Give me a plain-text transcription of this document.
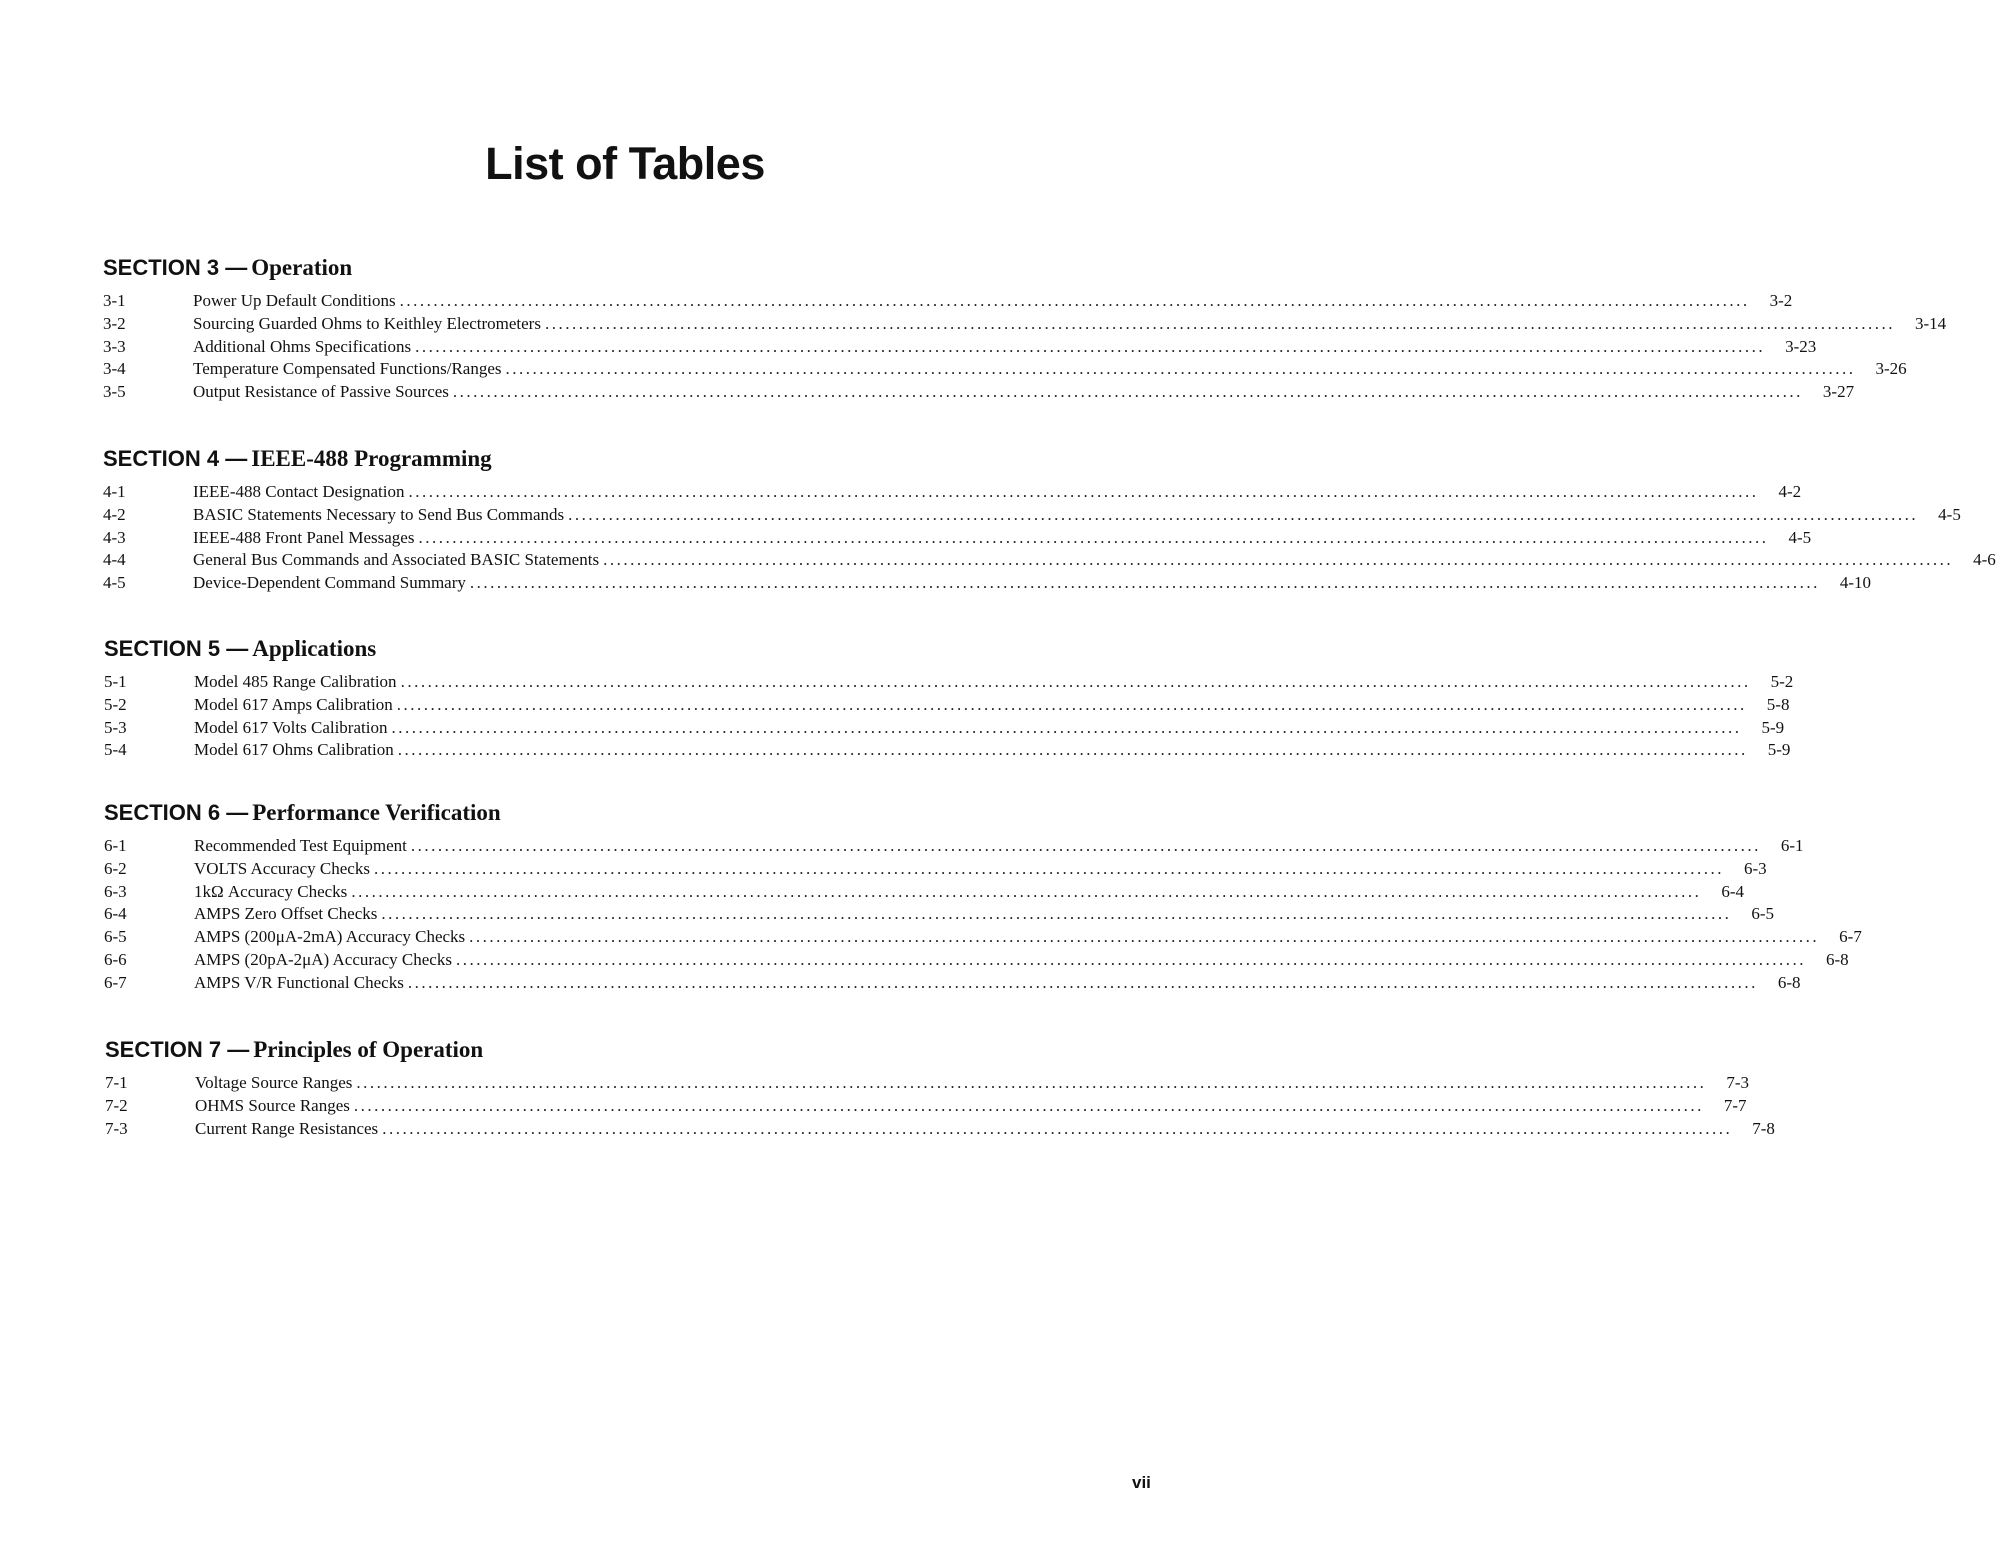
List of Tables
SECTION 3 — Operation
3-1	Power Up Default Conditions ........................................................................................................................................................................................................ 3-2
3-2	Sourcing Guarded Ohms to Keithley Electrometers ........................................................................................................................................................................................................ 3-14
3-3	Additional Ohms Specifications ........................................................................................................................................................................................................ 3-23
3-4	Temperature Compensated Functions/Ranges ........................................................................................................................................................................................................ 3-26
3-5	Output Resistance of Passive Sources ........................................................................................................................................................................................................ 3-27
SECTION 4 — IEEE-488 Programming
4-1	IEEE-488 Contact Designation ........................................................................................................................................................................................................ 4-2
4-2	BASIC Statements Necessary to Send Bus Commands ........................................................................................................................................................................................................ 4-5
4-3	IEEE-488 Front Panel Messages ........................................................................................................................................................................................................ 4-5
4-4	General Bus Commands and Associated BASIC Statements ........................................................................................................................................................................................................ 4-6
4-5	Device-Dependent Command Summary ........................................................................................................................................................................................................ 4-10
SECTION 5 — Applications
5-1	Model 485 Range Calibration ........................................................................................................................................................................................................ 5-2
5-2	Model 617 Amps Calibration ........................................................................................................................................................................................................ 5-8
5-3	Model 617 Volts Calibration ........................................................................................................................................................................................................ 5-9
5-4	Model 617 Ohms Calibration ........................................................................................................................................................................................................ 5-9
SECTION 6 — Performance Verification
6-1	Recommended Test Equipment ........................................................................................................................................................................................................ 6-1
6-2	VOLTS Accuracy Checks ........................................................................................................................................................................................................ 6-3
6-3	1kΩ Accuracy Checks ........................................................................................................................................................................................................ 6-4
6-4	AMPS Zero Offset Checks ........................................................................................................................................................................................................ 6-5
6-5	AMPS (200μA-2mA) Accuracy Checks ........................................................................................................................................................................................................ 6-7
6-6	AMPS (20pA-2μA) Accuracy Checks ........................................................................................................................................................................................................ 6-8
6-7	AMPS V/R Functional Checks ........................................................................................................................................................................................................ 6-8
SECTION 7 — Principles of Operation
7-1	Voltage Source Ranges ........................................................................................................................................................................................................ 7-3
7-2	OHMS Source Ranges ........................................................................................................................................................................................................ 7-7
7-3	Current Range Resistances ........................................................................................................................................................................................................ 7-8
vii
